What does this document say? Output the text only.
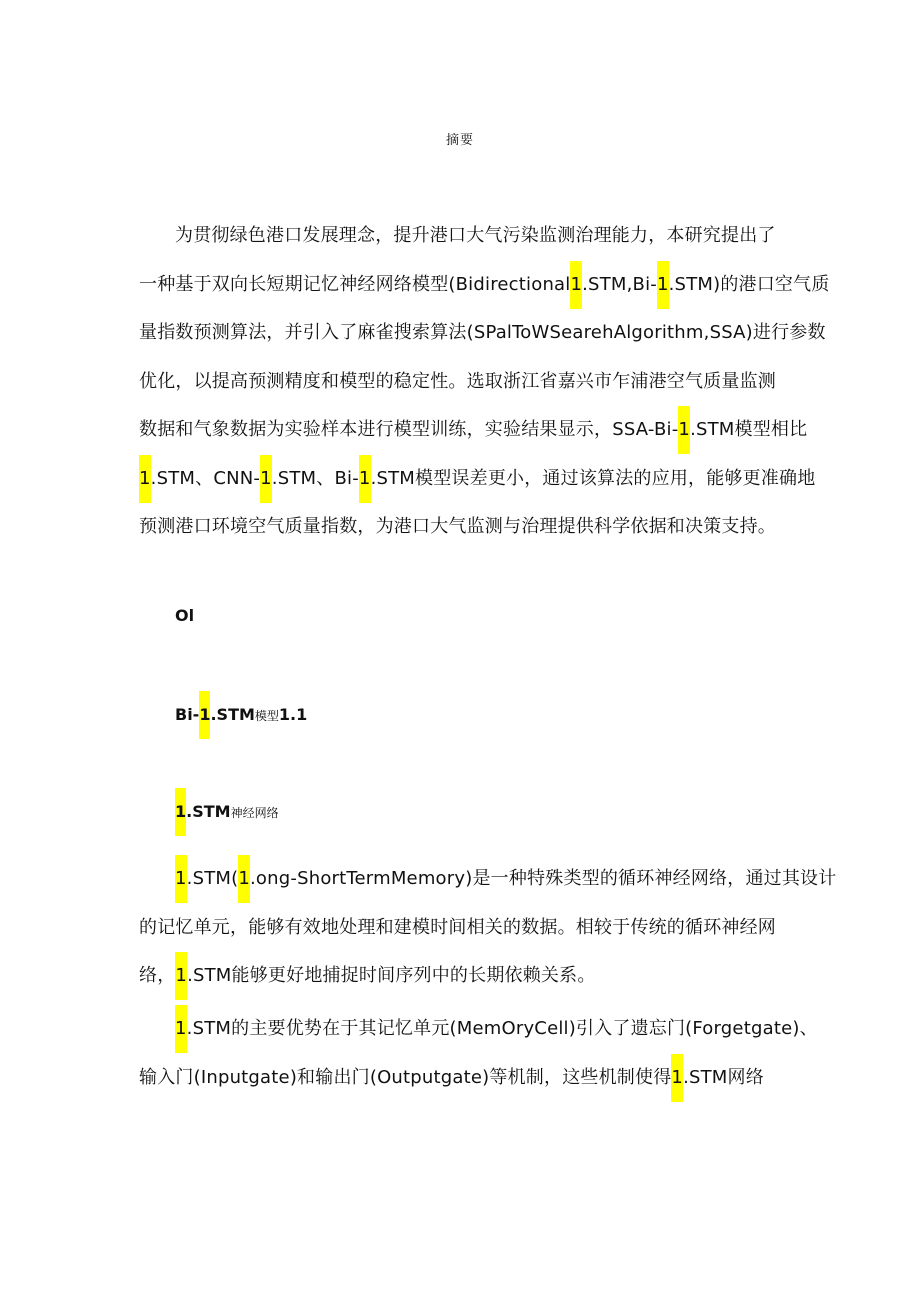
摘要
为贯彻绿色港口发展理念，提升港口大气污染监测治理能力，本研究提出了
一种基于双向长短期记忆神经网络模型(Bidirectional1.STM,Bi-1.STM)的港口空气质
量指数预测算法，并引入了麻雀搜索算法(SPalToWSearehAlgorithm,SSA)进行参数
优化，以提高预测精度和模型的稳定性。选取浙江省嘉兴市乍浦港空气质量监测
数据和气象数据为实验样本进行模型训练，实验结果显示，SSA-Bi-1.STM模型相比
1.STM、CNN-1.STM、Bi-1.STM模型误差更小，通过该算法的应用，能够更准确地
预测港口环境空气质量指数，为港口大气监测与治理提供科学依据和决策支持。
Ol
Bi-1.STM模型1.1
1.STM神经网络
1.STM(1.ong-ShortTermMemory)是一种特殊类型的循环神经网络，通过其设计
的记忆单元，能够有效地处理和建模时间相关的数据。相较于传统的循环神经网
络，1.STM能够更好地捕捉时间序列中的长期依赖关系。
1.STM的主要优势在于其记忆单元(MemOryCell)引入了遗忘门(Forgetgate)、
输入门(Inputgate)和输出门(Outputgate)等机制，这些机制使得1.STM网络
